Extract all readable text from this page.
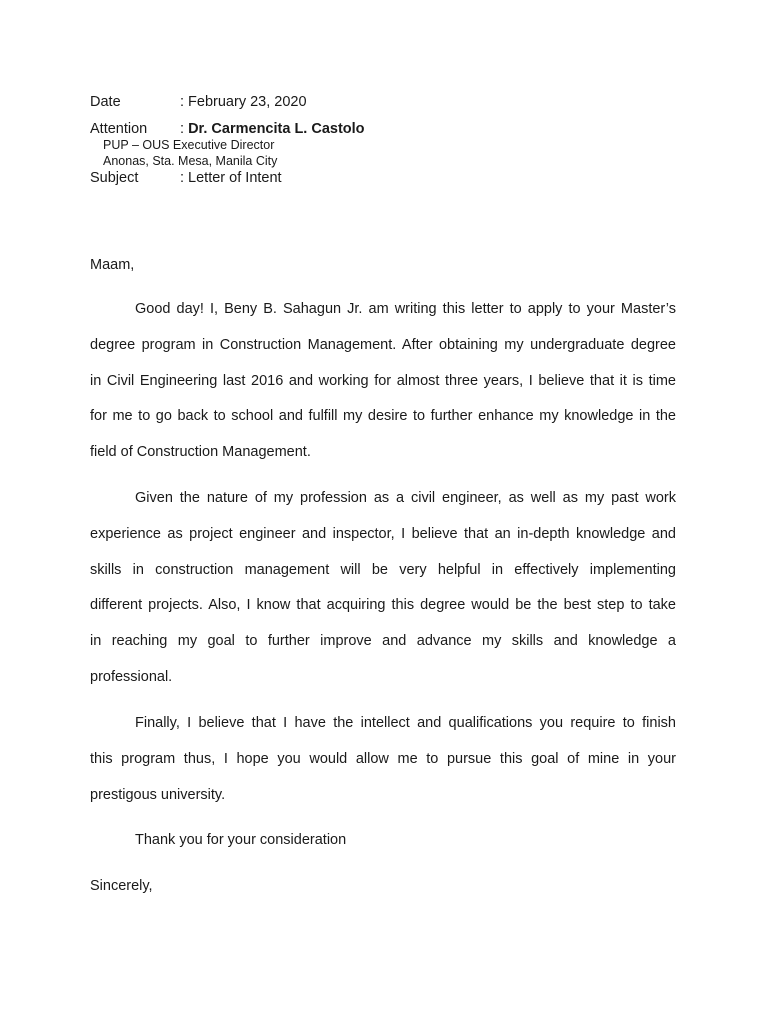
Date	: February 23, 2020
Attention : Dr. Carmencita L. Castolo
PUP – OUS Executive Director
Anonas, Sta. Mesa, Manila City
Subject	: Letter of Intent
Maam,
Good day! I, Beny B. Sahagun Jr. am writing this letter to apply to your Master’s
degree program in Construction Management. After obtaining my undergraduate degree
in Civil Engineering last 2016 and working for almost three years, I believe that it is time
for me to go back to school and fulfill my desire to further enhance my knowledge in the
field of Construction Management.
Given the nature of my profession as a civil engineer, as well as my past work
experience as project engineer and inspector, I believe that an in-depth knowledge and
skills in construction management will be very helpful in effectively implementing
different projects. Also, I know that acquiring this degree would be the best step to take
in reaching my goal to further improve and advance my skills and knowledge a
professional.
Finally, I believe that I have the intellect and qualifications you require to finish
this program thus, I hope you would allow me to pursue this goal of mine in your
prestigous university.
Thank you for your consideration
Sincerely,
